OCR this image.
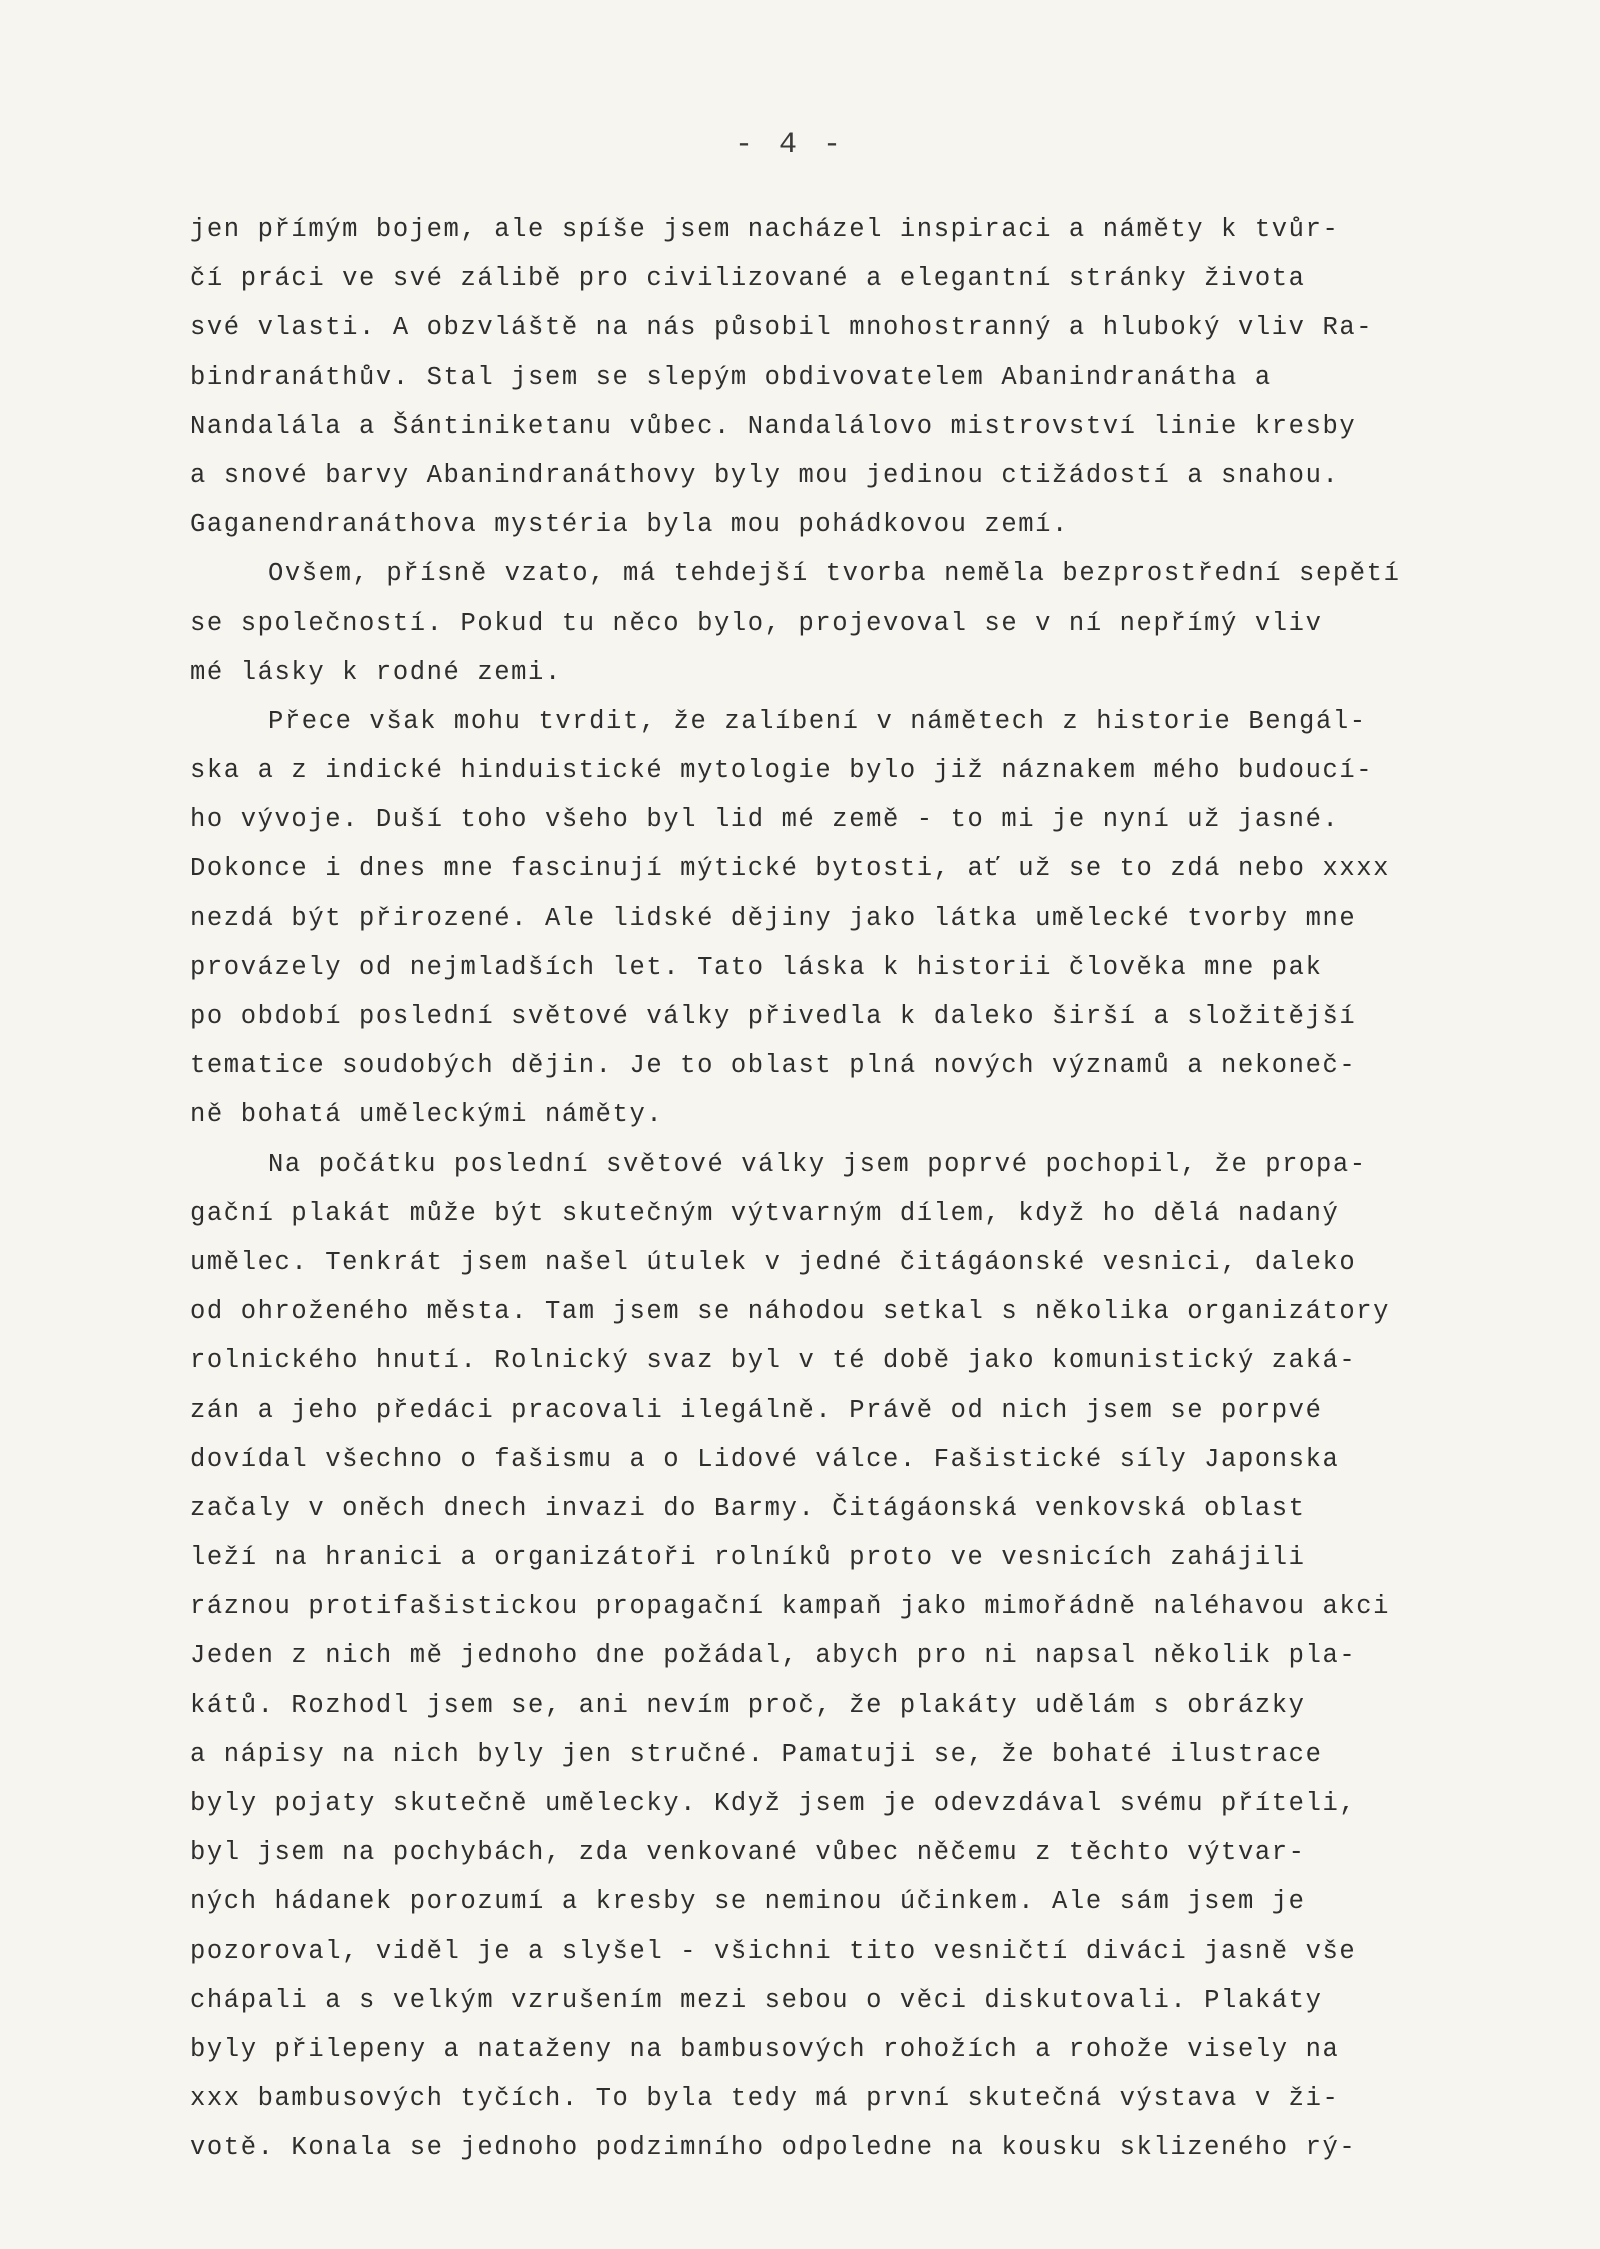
- 4 -
jen přímým bojem, ale spíše jsem nacházel inspiraci a náměty k tvůr-
čí práci ve své zálibě pro civilizované a elegantní stránky života
své vlasti. A obzvláště na nás působil mnohostranný a hluboký vliv Ra-
bindranáthův. Stal jsem se slepým obdivovatelem Abanindranátha a
Nandalála a Šántiniketanu vůbec. Nandalálovo mistrovství linie kresby
a snové barvy Abanindranáthovy byly mou jedinou ctižádostí a snahou.
Gaganendranáthova mystéria byla mou pohádkovou zemí.
Ovšem, přísně vzato, má tehdejší tvorba neměla bezprostřední sepětí
se společností. Pokud tu něco bylo, projevoval se v ní nepřímý vliv
mé lásky k rodné zemi.
Přece však mohu tvrdit, že zalíbení v námětech z historie Bengál-
ska a z indické hinduistické mytologie bylo již náznakem mého budoucí-
ho vývoje. Duší toho všeho byl lid mé země - to mi je nyní už jasné.
Dokonce i dnes mne fascinují mýtické bytosti, ať už se to zdá nebo xxxx
nezdá být přirozené. Ale lidské dějiny jako látka umělecké tvorby mne
provázely od nejmladších let. Tato láska k historii člověka mne pak
po období poslední světové války přivedla k daleko širší a složitější
tematice soudobých dějin. Je to oblast plná nových významů a nekoneč-
ně bohatá uměleckými náměty.
Na počátku poslední světové války jsem poprvé pochopil, že propa-
gační plakát může být skutečným výtvarným dílem, když ho dělá nadaný
umělec. Tenkrát jsem našel útulek v jedné čitágáonské vesnici, daleko
od ohroženého města. Tam jsem se náhodou setkal s několika organizátory
rolnického hnutí. Rolnický svaz byl v té době jako komunistický zaká-
zán a jeho předáci pracovali ilegálně. Právě od nich jsem se porpvé
dovídal všechno o fašismu a o Lidové válce. Fašistické síly Japonska
začaly v oněch dnech invazi do Barmy. Čitágáonská venkovská oblast
leží na hranici a organizátoři rolníků proto ve vesnicích zahájili
ráznou protifašistickou propagační kampaň jako mimořádně naléhavou akci
Jeden z nich mě jednoho dne požádal, abych pro ni napsal několik pla-
kátů. Rozhodl jsem se, ani nevím proč, že plakáty udělám s obrázky
a nápisy na nich byly jen stručné. Pamatuji se, že bohaté ilustrace
byly pojaty skutečně umělecky. Když jsem je odevzdával svému příteli,
byl jsem na pochybách, zda venkované vůbec něčemu z těchto výtvar-
ných hádanek porozumí a kresby se neminou účinkem. Ale sám jsem je
pozoroval, viděl je a slyšel - všichni tito vesničtí diváci jasně vše
chápali a s velkým vzrušením mezi sebou o věci diskutovali. Plakáty
byly přilepeny a nataženy na bambusových rohožích a rohože visely na
xxx bambusových tyčích. To byla tedy má první skutečná výstava v ži-
votě. Konala se jednoho podzimního odpoledne na kousku sklizeného rý-
